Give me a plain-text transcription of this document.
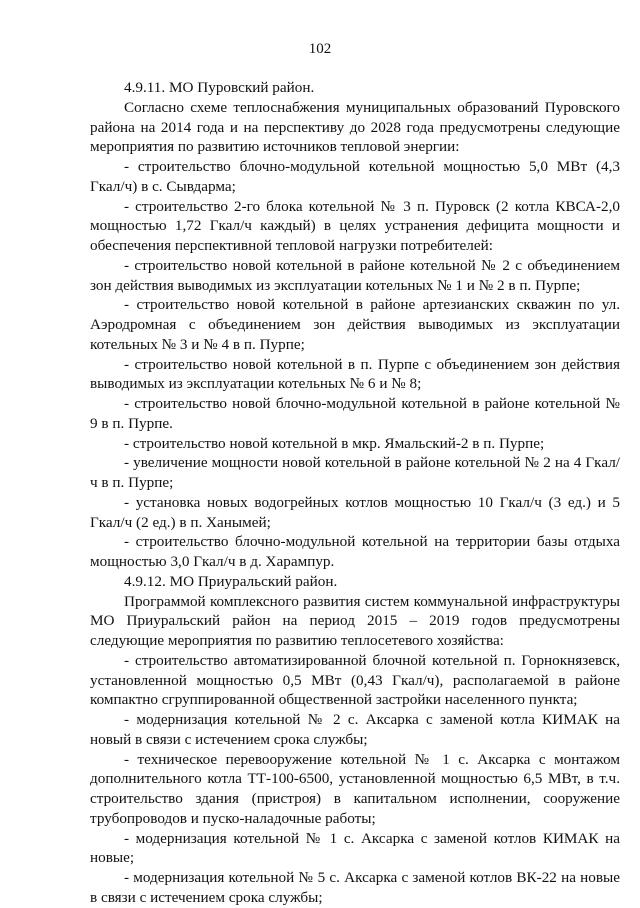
102

4.9.11. МО Пуровский район.

Согласно схеме теплоснабжения муниципальных образований Пуровского района на 2014 года и на перспективу до 2028 года предусмотрены следующие мероприятия по развитию источников тепловой энергии:

- строительство блочно-модульной котельной мощностью 5,0 МВт (4,3 Гкал/ч) в с. Сывдарма;

- строительство 2-го блока котельной № 3 п. Пуровск (2 котла КВСА-2,0 мощностью 1,72 Гкал/ч каждый) в целях устранения дефицита мощности и обеспечения перспективной тепловой нагрузки потребителей:

- строительство новой котельной в районе котельной № 2 с объединением зон действия выводимых из эксплуатации котельных № 1 и № 2 в п. Пурпе;

- строительство новой котельной в районе артезианских скважин по ул. Аэродромная с объединением зон действия выводимых из эксплуатации котельных № 3 и № 4 в п. Пурпе;

- строительство новой котельной в п. Пурпе с объединением зон действия выводимых из эксплуатации котельных № 6 и № 8;

- строительство новой блочно-модульной котельной в районе котельной № 9 в п. Пурпе.

- строительство новой котельной в мкр. Ямальский-2 в п. Пурпе;

- увеличение мощности новой котельной в районе котельной № 2 на 4 Гкал/ч в п. Пурпе;

- установка новых водогрейных котлов мощностью 10 Гкал/ч (3 ед.) и 5 Гкал/ч (2 ед.) в п. Ханымей;

- строительство блочно-модульной котельной на территории базы отдыха мощностью 3,0 Гкал/ч в д. Харампур.

4.9.12. МО Приуральский район.

Программой комплексного развития систем коммунальной инфраструктуры МО Приуральский район на период 2015 – 2019 годов предусмотрены следующие мероприятия по развитию теплосетевого хозяйства:

- строительство автоматизированной блочной котельной п. Горнокнязевск, установленной мощностью 0,5 МВт (0,43 Гкал/ч), располагаемой в районе компактно сгруппированной общественной застройки населенного пункта;

- модернизация котельной № 2 с. Аксарка с заменой котла КИМАК на новый в связи с истечением срока службы;

- техническое перевооружение котельной № 1 с. Аксарка с монтажом дополнительного котла ТТ-100-6500, установленной мощностью 6,5 МВт, в т.ч. строительство здания (пристроя) в капитальном исполнении, сооружение трубопроводов и пуско-наладочные работы;

- модернизация котельной № 1 с. Аксарка с заменой котлов КИМАК на новые;

- модернизация котельной № 5 с. Аксарка с заменой котлов ВК-22 на новые в связи с истечением срока службы;
